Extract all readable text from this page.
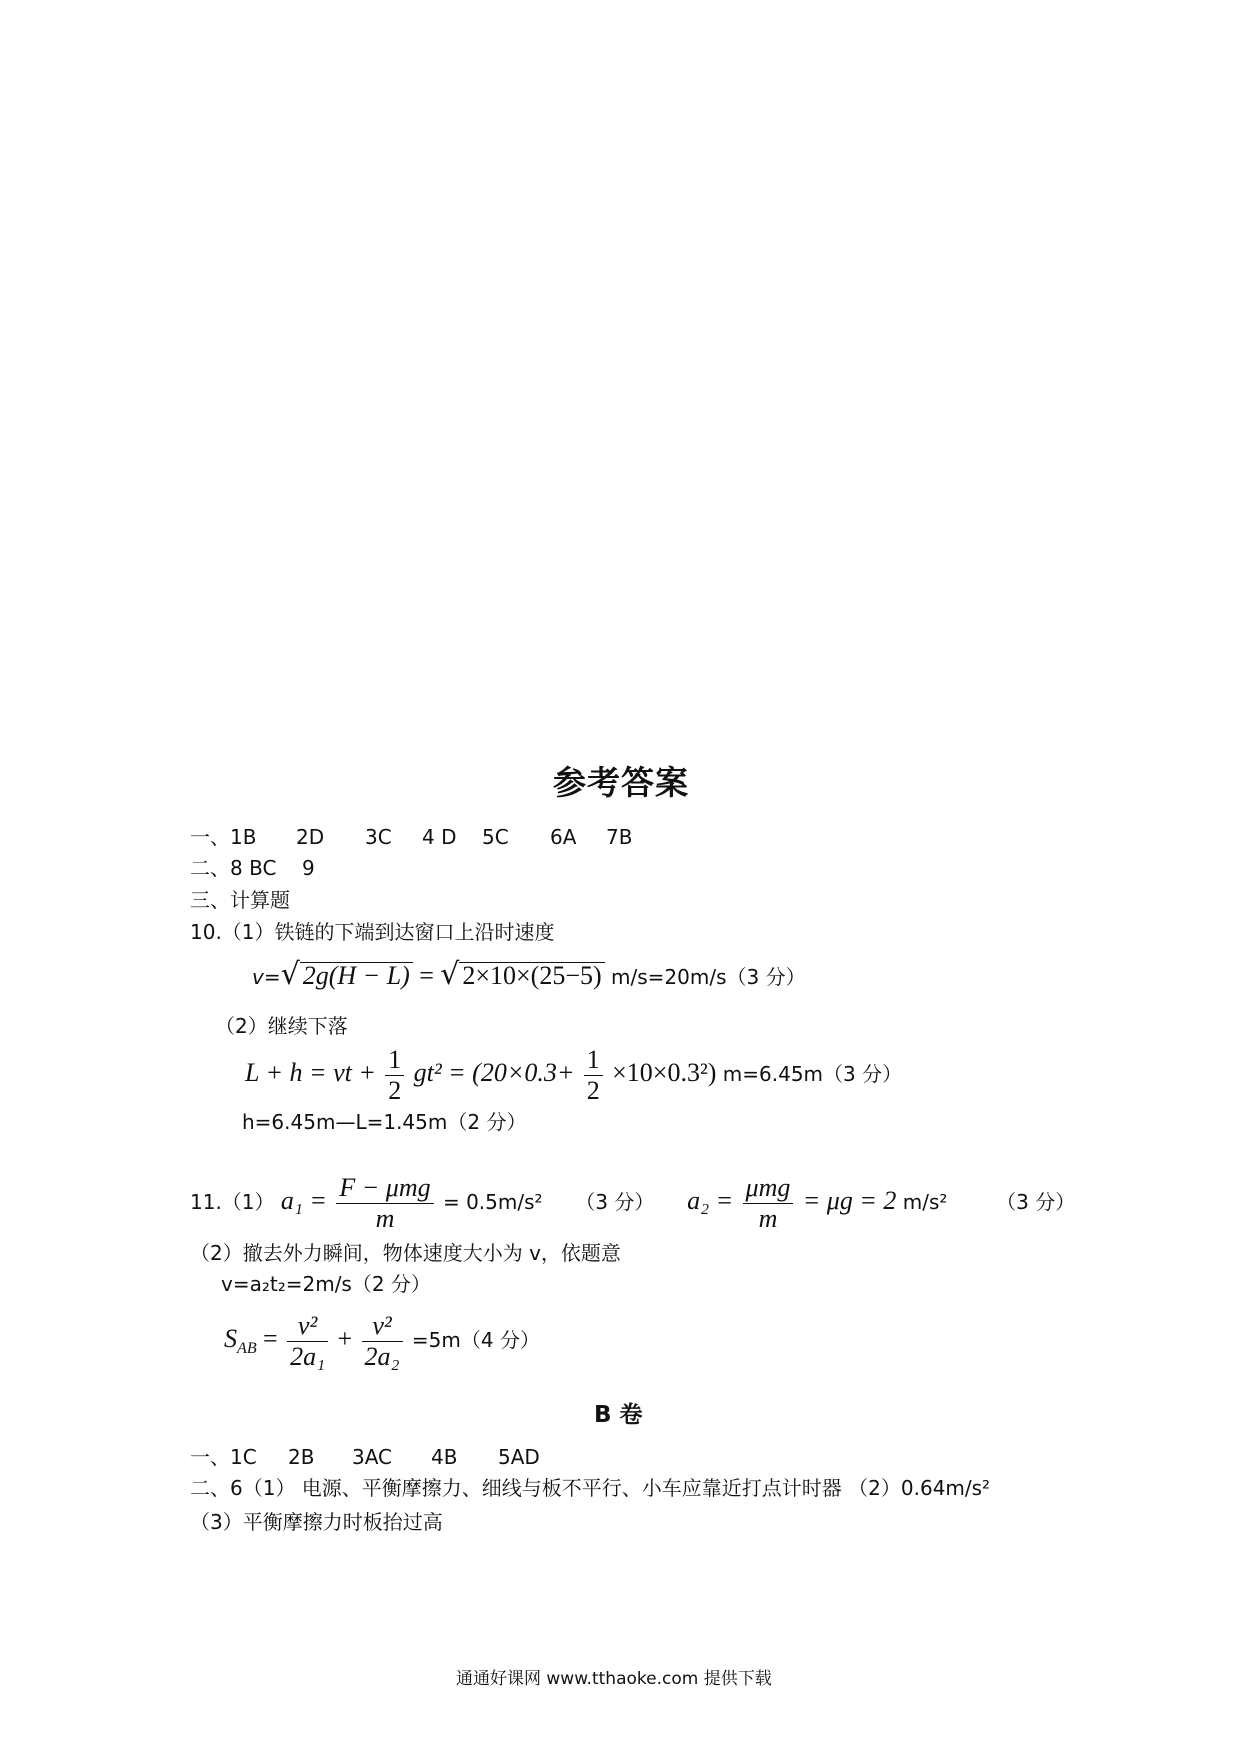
参考答案
一、1B 2D 3C 4 D 5C 6A 7B
二、8 BC 9
三、计算题
10.（1）铁链的下端到达窗口上沿时速度
v=√ 2g(H − L) = √ 2×10×(25−5) m/s=20m/s（3 分）
（2）继续下落
L + h = vt + $\frac{1}{2} gt^2 = (20\times 0.3+ \frac{1}{2} \times 10\times 0.3^2)$ m=6.45m（3 分）
h=6.45m—L=1.45m（2 分）
11.（1） $a_1 = \frac{\text{F − μmg}}{m} = 0.5m/s^2$ （3 分） $a_2 = \frac{\text{μmg}}{m} = \mu g = 2$ m/s² （3 分）
（2）撤去外力瞬间，物体速度大小为 v，依题意
v=a₂t₂=2m/s（2 分）
$S_{AB} = \frac{\text{v²}}{\text{2a₁}} + \frac{\text{v²}}{\text{2a₂}} =5m(4$ 分）
B 卷
一、 1C 2B 3AC 4B 5AD
二、6（1） 电源、平衡摩擦力、细线与板不平行、小车应靠近打点计时器 （2）0.64m/s²
（3）平衡摩擦力时板抬过高
通通好课网 www.tthaoke.com 提供下载
